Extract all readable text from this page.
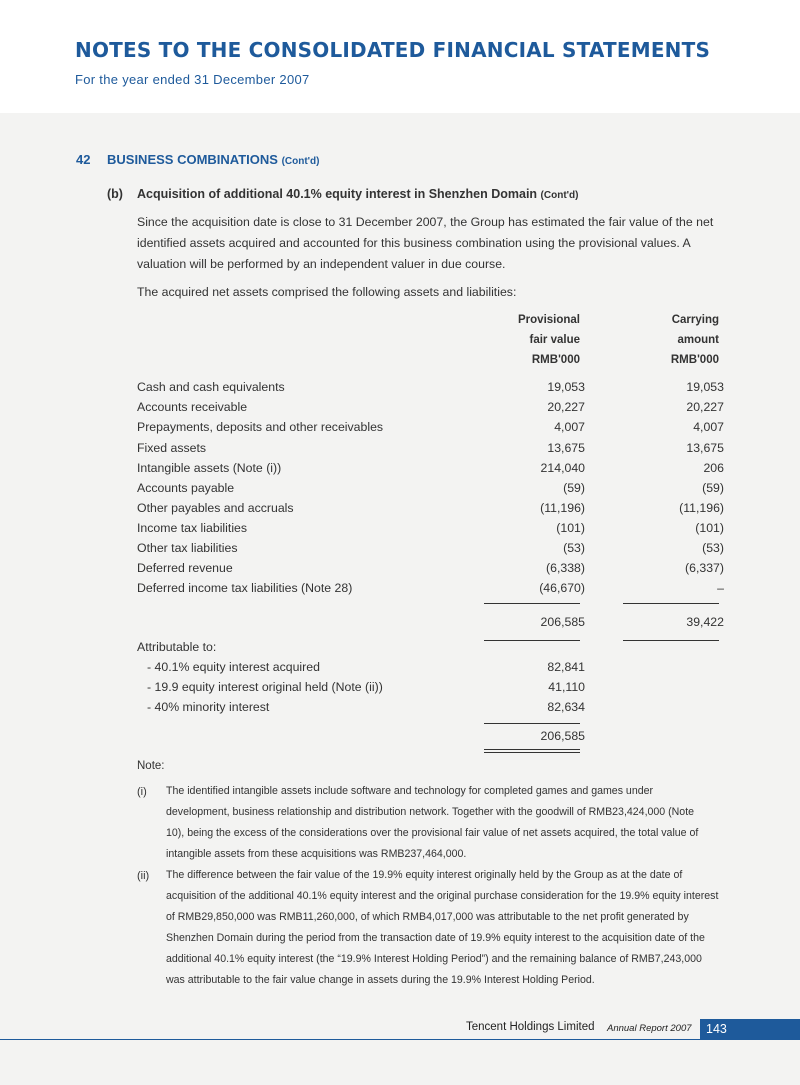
NOTES TO THE CONSOLIDATED FINANCIAL STATEMENTS
For the year ended 31 December 2007
42 BUSINESS COMBINATIONS (Cont'd)
(b) Acquisition of additional 40.1% equity interest in Shenzhen Domain (Cont'd)
Since the acquisition date is close to 31 December 2007, the Group has estimated the fair value of the net
identified assets acquired and accounted for this business combination using the provisional values. A
valuation will be performed by an independent valuer in due course.
The acquired net assets comprised the following assets and liabilities:
Provisional
fair value
RMB'000
Carrying
amount
RMB'000
Cash and cash equivalents	19,053	19,053
Accounts receivable	20,227	20,227
Prepayments, deposits and other receivables	4,007	4,007
Fixed assets	13,675	13,675
Intangible assets (Note (i))	214,040	206
Accounts payable	(59)	(59)
Other payables and accruals	(11,196)	(11,196)
Income tax liabilities	(101)	(101)
Other tax liabilities	(53)	(53)
Deferred revenue	(6,338)	(6,337)
Deferred income tax liabilities (Note 28)	(46,670)	–
206,585	39,422
Attributable to:
- 40.1% equity interest acquired	82,841
- 19.9 equity interest original held (Note (ii))	41,110
- 40% minority interest	82,634
206,585
Note:
(i) The identified intangible assets include software and technology for completed games and games under
development, business relationship and distribution network. Together with the goodwill of RMB23,424,000 (Note
10), being the excess of the considerations over the provisional fair value of net assets acquired, the total value of
intangible assets from these acquisitions was RMB237,464,000.
(ii) The difference between the fair value of the 19.9% equity interest originally held by the Group as at the date of
acquisition of the additional 40.1% equity interest and the original purchase consideration for the 19.9% equity interest
of RMB29,850,000 was RMB11,260,000, of which RMB4,017,000 was attributable to the net profit generated by
Shenzhen Domain during the period from the transaction date of 19.9% equity interest to the acquisition date of the
additional 40.1% equity interest (the “19.9% Interest Holding Period”) and the remaining balance of RMB7,243,000
was attributable to the fair value change in assets during the 19.9% Interest Holding Period.
Tencent Holdings Limited Annual Report 2007	143
